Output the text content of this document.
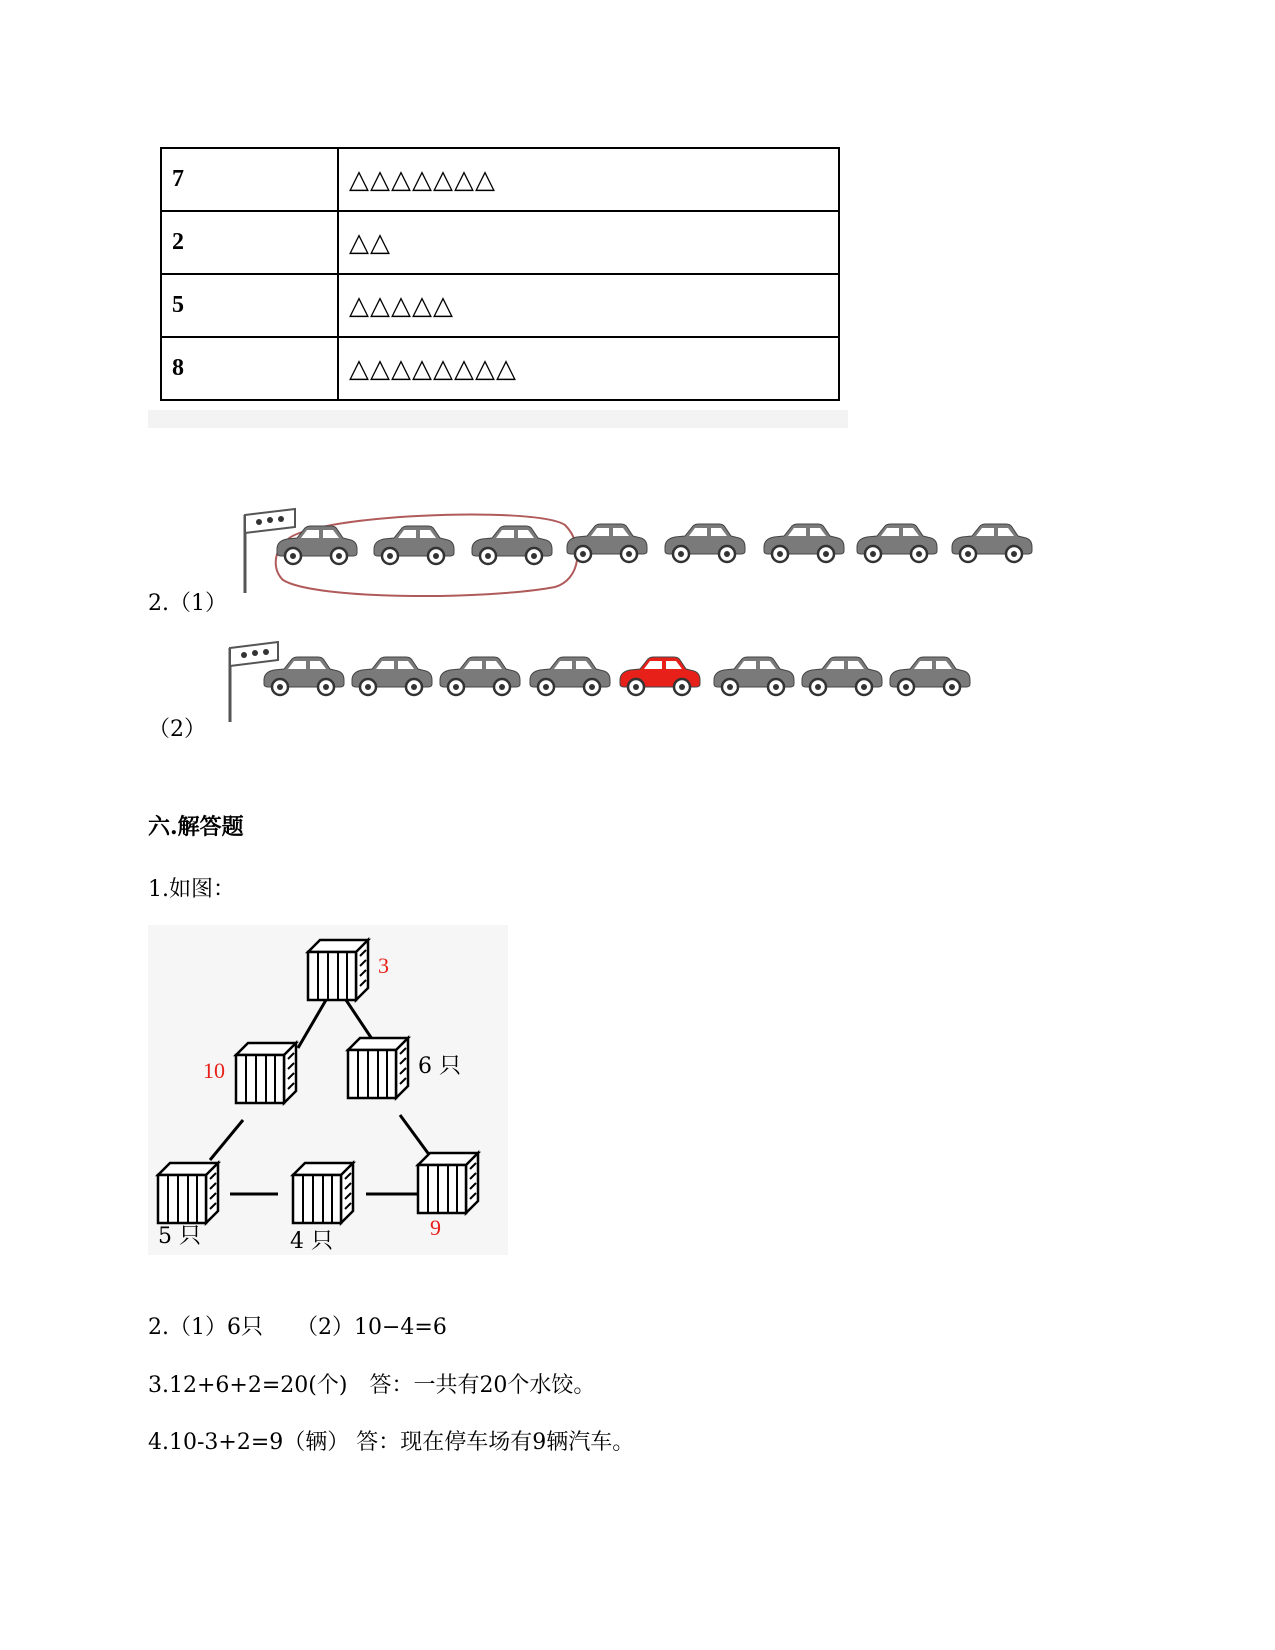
7	△△△△△△△
2	△△
5	△△△△△
8	△△△△△△△△
2.（1）
（2）
六.解答题
1.如图：
3
10	6 只
5 只	4 只
9
2.（1）6只　　（2）10−4=6
3.12+6+2=20(个)　答：一共有20个水饺。
4.10-3+2=9（辆） 答：现在停车场有9辆汽车。
